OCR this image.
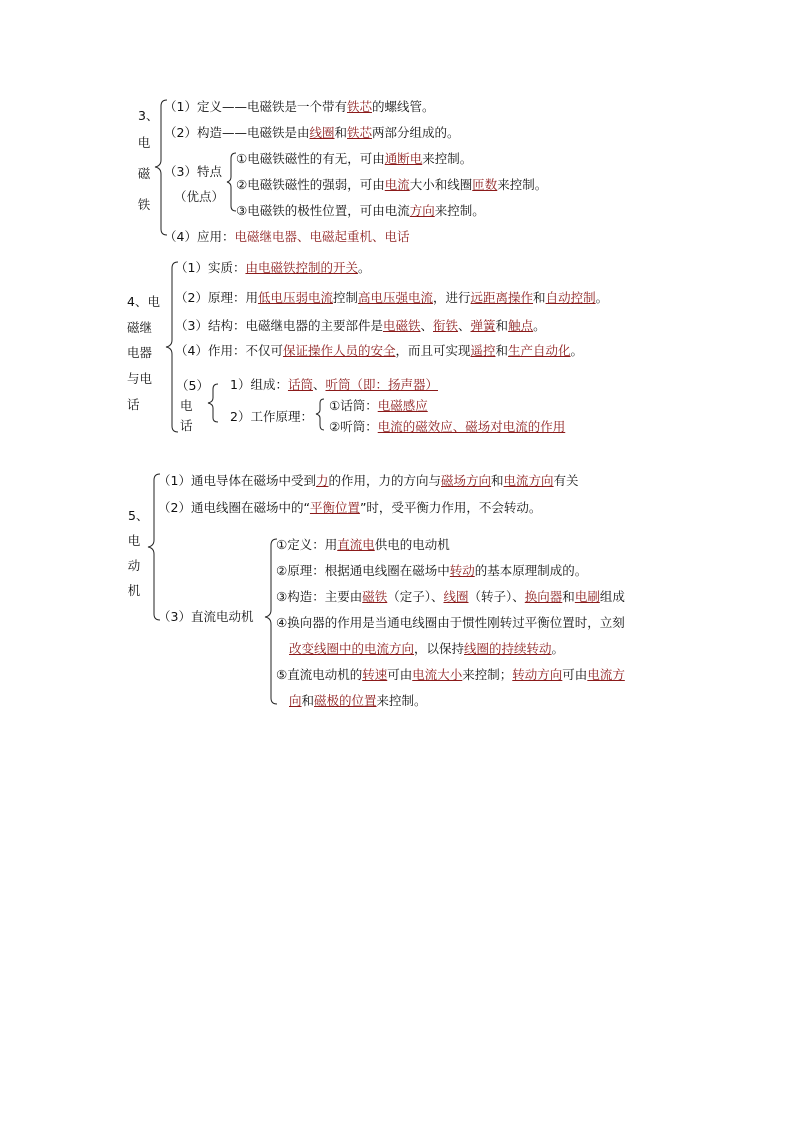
3、
电
磁
铁
（1）定义——电磁铁是一个带有铁芯的螺线管。
（2）构造——电磁铁是由线圈和铁芯两部分组成的。
（3）特点
（优点）
①电磁铁磁性的有无，可由通断电来控制。
②电磁铁磁性的强弱，可由电流大小和线圈匝数来控制。
③电磁铁的极性位置，可由电流方向来控制。
（4）应用：电磁继电器、电磁起重机、电话
4、电
磁继
电器
与电
话
（1）实质：由电磁铁控制的开关。
（2）原理：用低电压弱电流控制高电压强电流，进行远距离操作和自动控制。
（3）结构：电磁继电器的主要部件是电磁铁、衔铁、弹簧和触点。
（4）作用：不仅可保证操作人员的安全，而且可实现遥控和生产自动化。
（5）
电
话
1）组成：话筒、听筒（即：扬声器）
2）工作原理：
①话筒：电磁感应
②听筒：电流的磁效应、磁场对电流的作用
5、
电
动
机
（1）通电导体在磁场中受到力的作用，力的方向与磁场方向和电流方向有关
（2）通电线圈在磁场中的“平衡位置”时，受平衡力作用，不会转动。
（3）直流电动机
①定义：用直流电供电的电动机
②原理：根据通电线圈在磁场中转动的基本原理制成的。
③构造：主要由磁铁（定子）、线圈（转子）、换向器和电刷组成
④换向器的作用是当通电线圈由于惯性刚转过平衡位置时，立刻
改变线圈中的电流方向，以保持线圈的持续转动。
⑤直流电动机的转速可由电流大小来控制；转动方向可由电流方
向和磁极的位置来控制。
